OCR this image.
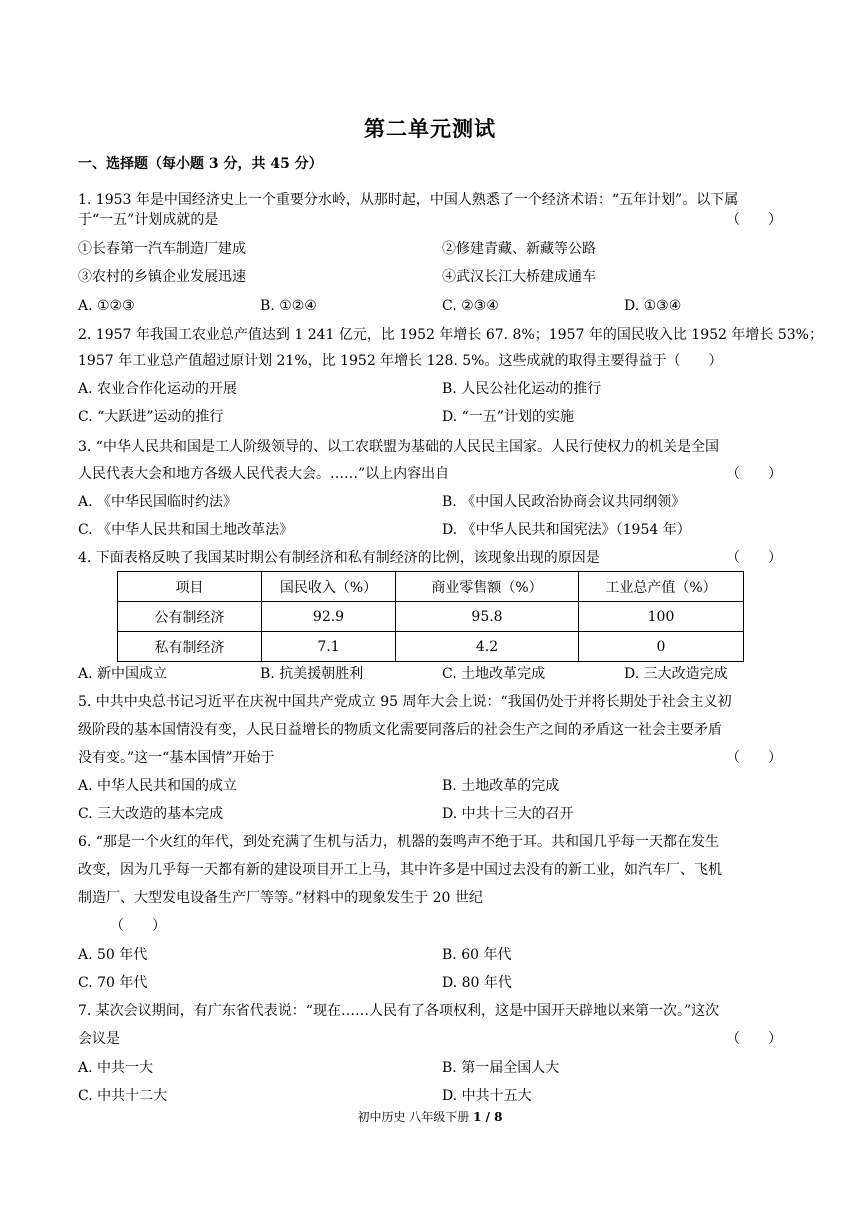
第二单元测试
一、选择题（每小题 3 分，共 45 分）
1. 1953 年是中国经济史上一个重要分水岭，从那时起，中国人熟悉了一个经济术语：“五年计划”。以下属
于“一五”计划成就的是	（　　）
①长春第一汽车制造厂建成	②修建青藏、新藏等公路
③农村的乡镇企业发展迅速	④武汉长江大桥建成通车
A. ①②③	B. ①②④	C. ②③④	D. ①③④
2. 1957 年我国工农业总产值达到 1 241 亿元，比 1952 年增长 67. 8%；1957 年的国民收入比 1952 年增长 53%；
1957 年工业总产值超过原计划 21%，比 1952 年增长 128. 5%。这些成就的取得主要得益于（　　）
A. 农业合作化运动的开展	B. 人民公社化运动的推行
C. “大跃进”运动的推行	D. “一五”计划的实施
3. “中华人民共和国是工人阶级领导的、以工农联盟为基础的人民民主国家。人民行使权力的机关是全国
人民代表大会和地方各级人民代表大会。……”以上内容出自	（　　）
A. 《中华民国临时约法》	B. 《中国人民政治协商会议共同纲领》
C. 《中华人民共和国土地改革法》	D. 《中华人民共和国宪法》（1954 年）
4. 下面表格反映了我国某时期公有制经济和私有制经济的比例，该现象出现的原因是	（　　）
项目	国民收入（%）	商业零售额（%）	工业总产值（%）
公有制经济	92.9	95.8	100
私有制经济	7.1	4.2	0
A. 新中国成立	B. 抗美援朝胜利	C. 土地改革完成	D. 三大改造完成
5. 中共中央总书记习近平在庆祝中国共产党成立 95 周年大会上说：“我国仍处于并将长期处于社会主义初
级阶段的基本国情没有变，人民日益增长的物质文化需要同落后的社会生产之间的矛盾这一社会主要矛盾
没有变。”这一“基本国情”开始于	（　　）
A. 中华人民共和国的成立	B. 土地改革的完成
C. 三大改造的基本完成	D. 中共十三大的召开
6. “那是一个火红的年代，到处充满了生机与活力，机器的轰鸣声不绝于耳。共和国几乎每一天都在发生
改变，因为几乎每一天都有新的建设项目开工上马，其中许多是中国过去没有的新工业，如汽车厂、飞机
制造厂、大型发电设备生产厂等等。”材料中的现象发生于 20 世纪
（　　）
A. 50 年代	B. 60 年代
C. 70 年代	D. 80 年代
7. 某次会议期间，有广东省代表说：“现在……人民有了各项权利，这是中国开天辟地以来第一次。”这次
会议是	（　　）
A. 中共一大	B. 第一届全国人大
C. 中共十二大	D. 中共十五大
初中历史 八年级下册 1 / 8
